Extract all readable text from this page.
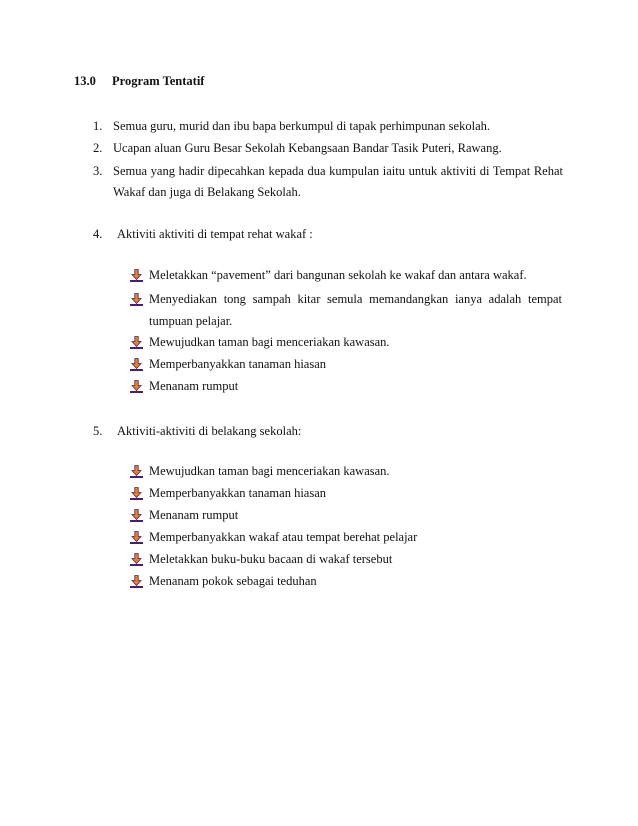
13.0 Program Tentatif
1. Semua guru, murid dan ibu bapa berkumpul di tapak perhimpunan sekolah.
2. Ucapan aluan Guru Besar Sekolah Kebangsaan Bandar Tasik Puteri, Rawang.
3. Semua yang hadir dipecahkan kepada dua kumpulan iaitu untuk aktiviti di Tempat Rehat Wakaf dan juga di Belakang Sekolah.
4. Aktiviti aktiviti di tempat rehat wakaf :
Meletakkan “pavement” dari bangunan sekolah ke wakaf dan antara wakaf.
Menyediakan tong sampah kitar semula memandangkan ianya adalah tempat tumpuan pelajar.
Mewujudkan taman bagi menceriakan kawasan.
Memperbanyakkan tanaman hiasan
Menanam rumput
5. Aktiviti-aktiviti di belakang sekolah:
Mewujudkan taman bagi menceriakan kawasan.
Memperbanyakkan tanaman hiasan
Menanam rumput
Memperbanyakkan wakaf atau tempat berehat pelajar
Meletakkan buku-buku bacaan di wakaf tersebut
Menanam pokok sebagai teduhan
